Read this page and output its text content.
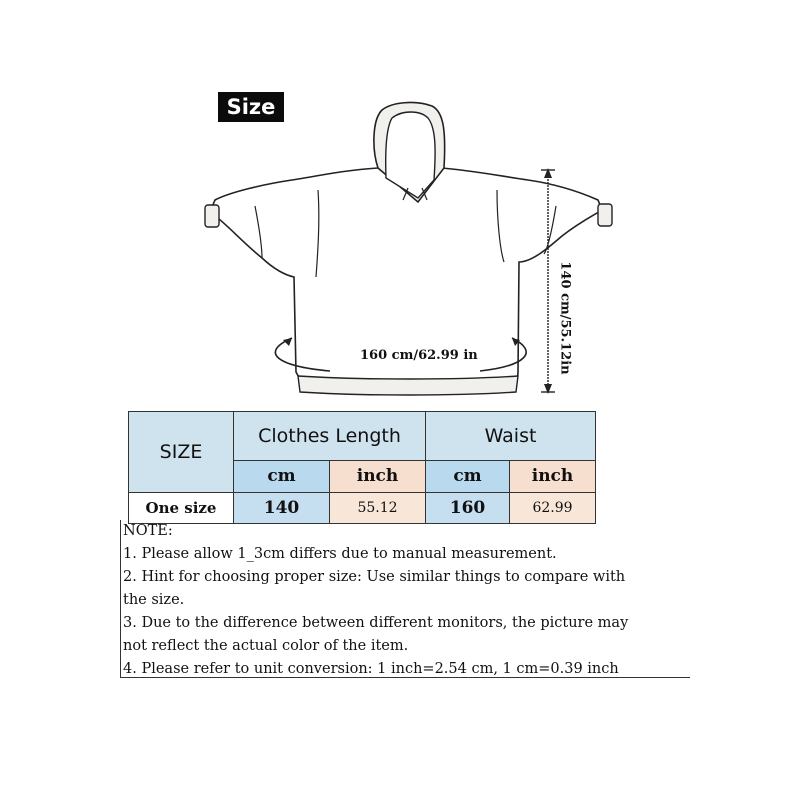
Size
160 cm/62.99 in	140 cm/55.12in
SIZE	Clothes Length		Waist	
	cm	inch	cm	inch
One size	140	55.12	160	62.99
NOTE:
1. Please allow 1_3cm differs due to manual measurement.
2. Hint for choosing proper size: Use similar things to compare with
the size.
3. Due to the difference between different monitors, the picture may
not reflect the actual color of the item.
4. Please refer to unit conversion: 1 inch=2.54 cm, 1 cm=0.39 inch
